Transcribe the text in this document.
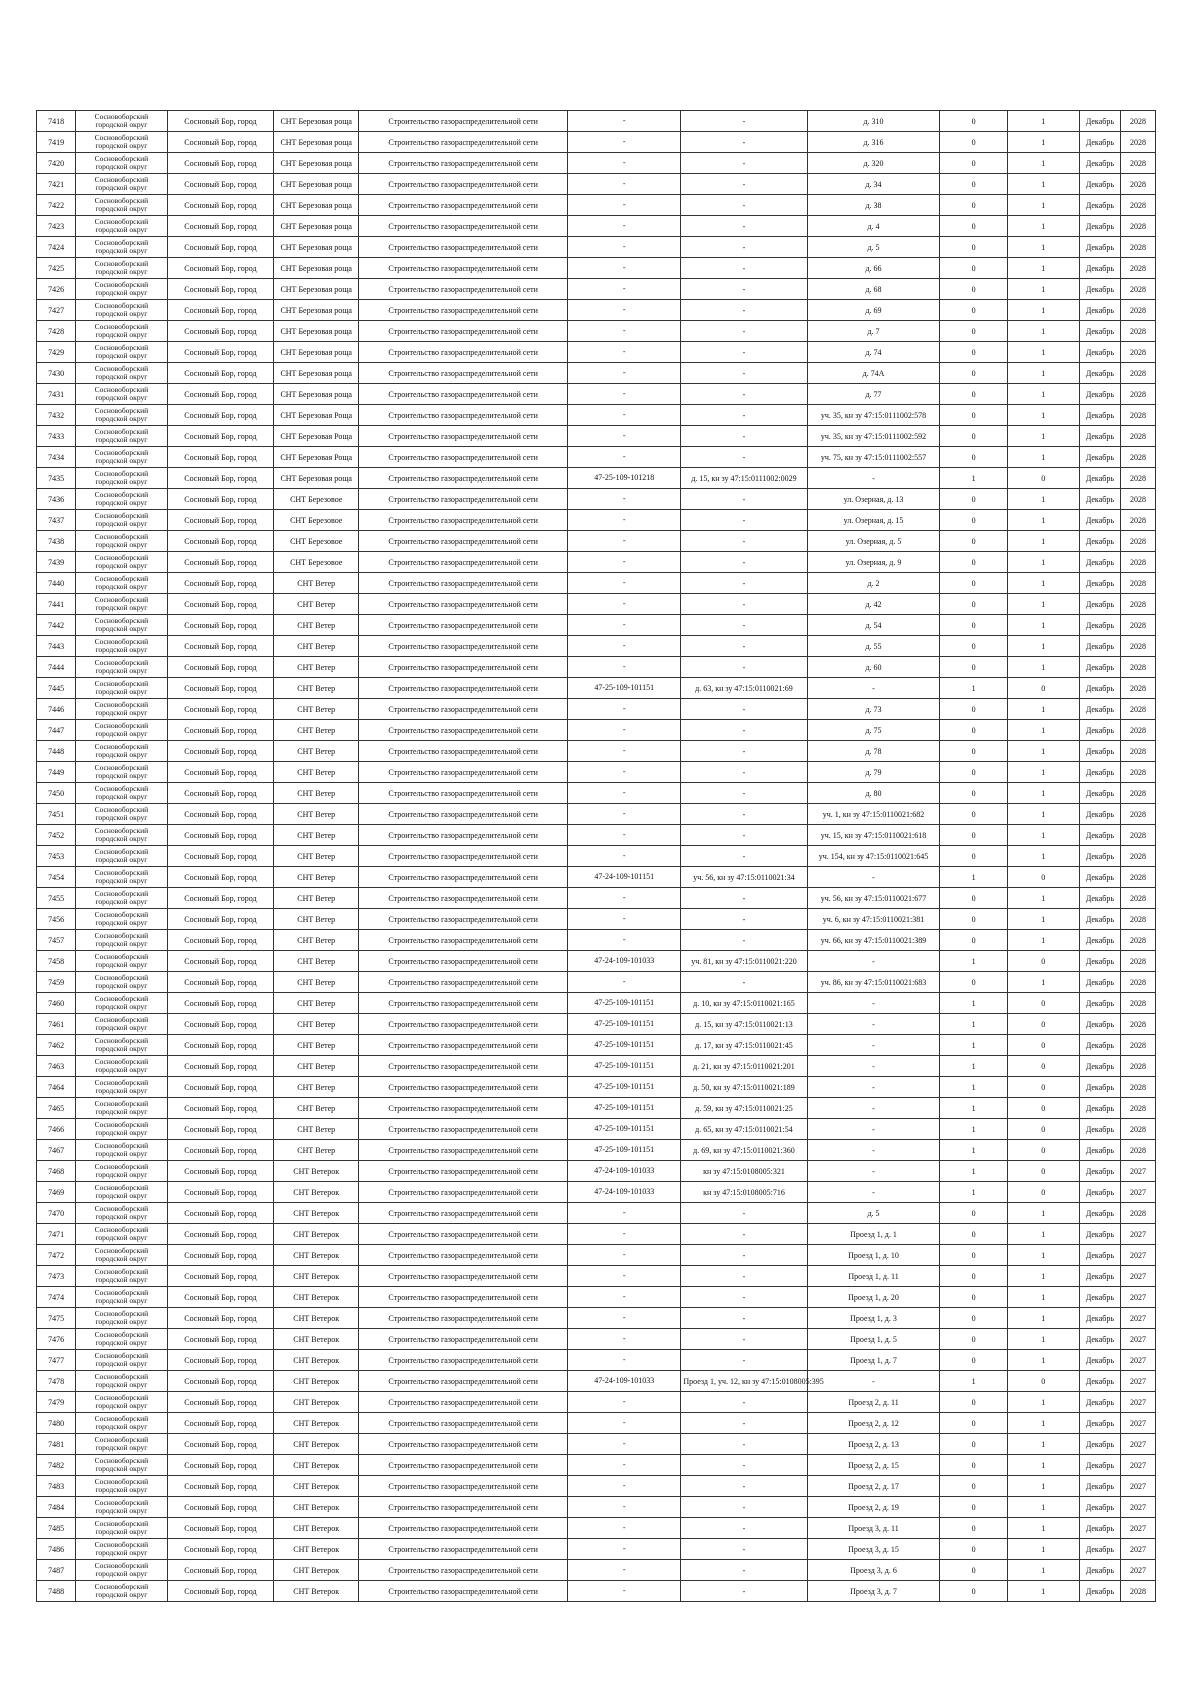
7418	Сосновоборский городской округ	Сосновый Бор, город	СНТ Березовая роща	Строительство газораспределительной сети	-	-	д. 310	0	1	Декабрь	2028
7419	Сосновоборский городской округ	Сосновый Бор, город	СНТ Березовая роща	Строительство газораспределительной сети	-	-	д. 316	0	1	Декабрь	2028
7420	Сосновоборский городской округ	Сосновый Бор, город	СНТ Березовая роща	Строительство газораспределительной сети	-	-	д. 320	0	1	Декабрь	2028
7421	Сосновоборский городской округ	Сосновый Бор, город	СНТ Березовая роща	Строительство газораспределительной сети	-	-	д. 34	0	1	Декабрь	2028
7422	Сосновоборский городской округ	Сосновый Бор, город	СНТ Березовая роща	Строительство газораспределительной сети	-	-	д. 38	0	1	Декабрь	2028
7423	Сосновоборский городской округ	Сосновый Бор, город	СНТ Березовая роща	Строительство газораспределительной сети	-	-	д. 4	0	1	Декабрь	2028
7424	Сосновоборский городской округ	Сосновый Бор, город	СНТ Березовая роща	Строительство газораспределительной сети	-	-	д. 5	0	1	Декабрь	2028
7425	Сосновоборский городской округ	Сосновый Бор, город	СНТ Березовая роща	Строительство газораспределительной сети	-	-	д. 66	0	1	Декабрь	2028
7426	Сосновоборский городской округ	Сосновый Бор, город	СНТ Березовая роща	Строительство газораспределительной сети	-	-	д. 68	0	1	Декабрь	2028
7427	Сосновоборский городской округ	Сосновый Бор, город	СНТ Березовая роща	Строительство газораспределительной сети	-	-	д. 69	0	1	Декабрь	2028
7428	Сосновоборский городской округ	Сосновый Бор, город	СНТ Березовая роща	Строительство газораспределительной сети	-	-	д. 7	0	1	Декабрь	2028
7429	Сосновоборский городской округ	Сосновый Бор, город	СНТ Березовая роща	Строительство газораспределительной сети	-	-	д. 74	0	1	Декабрь	2028
7430	Сосновоборский городской округ	Сосновый Бор, город	СНТ Березовая роща	Строительство газораспределительной сети	-	-	д. 74А	0	1	Декабрь	2028
7431	Сосновоборский городской округ	Сосновый Бор, город	СНТ Березовая роща	Строительство газораспределительной сети	-	-	д. 77	0	1	Декабрь	2028
7432	Сосновоборский городской округ	Сосновый Бор, город	СНТ Березовая Роща	Строительство газораспределительной сети	-	-	уч. 35, кн зу 47:15:0111002:578	0	1	Декабрь	2028
7433	Сосновоборский городской округ	Сосновый Бор, город	СНТ Березовая Роща	Строительство газораспределительной сети	-	-	уч. 35, кн зу 47:15:0111002:592	0	1	Декабрь	2028
7434	Сосновоборский городской округ	Сосновый Бор, город	СНТ Березовая Роща	Строительство газораспределительной сети	-	-	уч. 75, кн зу 47:15:0111002:557	0	1	Декабрь	2028
7435	Сосновоборский городской округ	Сосновый Бор, город	СНТ Березовая роща	Строительство газораспределительной сети	47-25-109-101218	д. 15, кн зу 47:15:0111002:0029	-	1	0	Декабрь	2028
7436	Сосновоборский городской округ	Сосновый Бор, город	СНТ Березовое	Строительство газораспределительной сети	-	-	ул. Озерная, д. 13	0	1	Декабрь	2028
7437	Сосновоборский городской округ	Сосновый Бор, город	СНТ Березовое	Строительство газораспределительной сети	-	-	ул. Озерная, д. 15	0	1	Декабрь	2028
7438	Сосновоборский городской округ	Сосновый Бор, город	СНТ Березовое	Строительство газораспределительной сети	-	-	ул. Озерная, д. 5	0	1	Декабрь	2028
7439	Сосновоборский городской округ	Сосновый Бор, город	СНТ Березовое	Строительство газораспределительной сети	-	-	ул. Озерная, д. 9	0	1	Декабрь	2028
7440	Сосновоборский городской округ	Сосновый Бор, город	СНТ Ветер	Строительство газораспределительной сети	-	-	д. 2	0	1	Декабрь	2028
7441	Сосновоборский городской округ	Сосновый Бор, город	СНТ Ветер	Строительство газораспределительной сети	-	-	д. 42	0	1	Декабрь	2028
7442	Сосновоборский городской округ	Сосновый Бор, город	СНТ Ветер	Строительство газораспределительной сети	-	-	д. 54	0	1	Декабрь	2028
7443	Сосновоборский городской округ	Сосновый Бор, город	СНТ Ветер	Строительство газораспределительной сети	-	-	д. 55	0	1	Декабрь	2028
7444	Сосновоборский городской округ	Сосновый Бор, город	СНТ Ветер	Строительство газораспределительной сети	-	-	д. 60	0	1	Декабрь	2028
7445	Сосновоборский городской округ	Сосновый Бор, город	СНТ Ветер	Строительство газораспределительной сети	47-25-109-101151	д. 63, кн зу 47:15:0110021:69	-	1	0	Декабрь	2028
7446	Сосновоборский городской округ	Сосновый Бор, город	СНТ Ветер	Строительство газораспределительной сети	-	-	д. 73	0	1	Декабрь	2028
7447	Сосновоборский городской округ	Сосновый Бор, город	СНТ Ветер	Строительство газораспределительной сети	-	-	д. 75	0	1	Декабрь	2028
7448	Сосновоборский городской округ	Сосновый Бор, город	СНТ Ветер	Строительство газораспределительной сети	-	-	д. 78	0	1	Декабрь	2028
7449	Сосновоборский городской округ	Сосновый Бор, город	СНТ Ветер	Строительство газораспределительной сети	-	-	д. 79	0	1	Декабрь	2028
7450	Сосновоборский городской округ	Сосновый Бор, город	СНТ Ветер	Строительство газораспределительной сети	-	-	д. 80	0	1	Декабрь	2028
7451	Сосновоборский городской округ	Сосновый Бор, город	СНТ Ветер	Строительство газораспределительной сети	-	-	уч. 1, кн зу 47:15:0110021:682	0	1	Декабрь	2028
7452	Сосновоборский городской округ	Сосновый Бор, город	СНТ Ветер	Строительство газораспределительной сети	-	-	уч. 15, кн зу 47:15:0110021:618	0	1	Декабрь	2028
7453	Сосновоборский городской округ	Сосновый Бор, город	СНТ Ветер	Строительство газораспределительной сети	-	-	уч. 154, кн зу 47:15:0110021:645	0	1	Декабрь	2028
7454	Сосновоборский городской округ	Сосновый Бор, город	СНТ Ветер	Строительство газораспределительной сети	47-24-109-101151	уч. 56, кн зу 47:15:0110021:34	-	1	0	Декабрь	2028
7455	Сосновоборский городской округ	Сосновый Бор, город	СНТ Ветер	Строительство газораспределительной сети	-	-	уч. 56, кн зу 47:15:0110021:677	0	1	Декабрь	2028
7456	Сосновоборский городской округ	Сосновый Бор, город	СНТ Ветер	Строительство газораспределительной сети	-	-	уч. 6, кн зу 47:15:0110021:381	0	1	Декабрь	2028
7457	Сосновоборский городской округ	Сосновый Бор, город	СНТ Ветер	Строительство газораспределительной сети	-	-	уч. 66, кн зу 47:15:0110021:389	0	1	Декабрь	2028
7458	Сосновоборский городской округ	Сосновый Бор, город	СНТ Ветер	Строительство газораспределительной сети	47-24-109-101033	уч. 81, кн зу 47:15:0110021:220	-	1	0	Декабрь	2028
7459	Сосновоборский городской округ	Сосновый Бор, город	СНТ Ветер	Строительство газораспределительной сети	-	-	уч. 86, кн зу 47:15:0110021:683	0	1	Декабрь	2028
7460	Сосновоборский городской округ	Сосновый Бор, город	СНТ Ветер	Строительство газораспределительной сети	47-25-109-101151	д. 10, кн зу 47:15:0110021:165	-	1	0	Декабрь	2028
7461	Сосновоборский городской округ	Сосновый Бор, город	СНТ Ветер	Строительство газораспределительной сети	47-25-109-101151	д. 15, кн зу 47:15:0110021:13	-	1	0	Декабрь	2028
7462	Сосновоборский городской округ	Сосновый Бор, город	СНТ Ветер	Строительство газораспределительной сети	47-25-109-101151	д. 17, кн зу 47:15:0110021:45	-	1	0	Декабрь	2028
7463	Сосновоборский городской округ	Сосновый Бор, город	СНТ Ветер	Строительство газораспределительной сети	47-25-109-101151	д. 21, кн зу 47:15:0110021:201	-	1	0	Декабрь	2028
7464	Сосновоборский городской округ	Сосновый Бор, город	СНТ Ветер	Строительство газораспределительной сети	47-25-109-101151	д. 50, кн зу 47:15:0110021:189	-	1	0	Декабрь	2028
7465	Сосновоборский городской округ	Сосновый Бор, город	СНТ Ветер	Строительство газораспределительной сети	47-25-109-101151	д. 59, кн зу 47:15:0110021:25	-	1	0	Декабрь	2028
7466	Сосновоборский городской округ	Сосновый Бор, город	СНТ Ветер	Строительство газораспределительной сети	47-25-109-101151	д. 65, кн зу 47:15:0110021:54	-	1	0	Декабрь	2028
7467	Сосновоборский городской округ	Сосновый Бор, город	СНТ Ветер	Строительство газораспределительной сети	47-25-109-101151	д. 69, кн зу 47:15:0110021:360	-	1	0	Декабрь	2028
7468	Сосновоборский городской округ	Сосновый Бор, город	СНТ Ветерок	Строительство газораспределительной сети	47-24-109-101033	кн зу 47:15:0108005:321	-	1	0	Декабрь	2027
7469	Сосновоборский городской округ	Сосновый Бор, город	СНТ Ветерок	Строительство газораспределительной сети	47-24-109-101033	кн зу 47:15:0108005:716	-	1	0	Декабрь	2027
7470	Сосновоборский городской округ	Сосновый Бор, город	СНТ Ветерок	Строительство газораспределительной сети	-	-	д. 5	0	1	Декабрь	2028
7471	Сосновоборский городской округ	Сосновый Бор, город	СНТ Ветерок	Строительство газораспределительной сети	-	-	Проезд 1, д. 1	0	1	Декабрь	2027
7472	Сосновоборский городской округ	Сосновый Бор, город	СНТ Ветерок	Строительство газораспределительной сети	-	-	Проезд 1, д. 10	0	1	Декабрь	2027
7473	Сосновоборский городской округ	Сосновый Бор, город	СНТ Ветерок	Строительство газораспределительной сети	-	-	Проезд 1, д. 11	0	1	Декабрь	2027
7474	Сосновоборский городской округ	Сосновый Бор, город	СНТ Ветерок	Строительство газораспределительной сети	-	-	Проезд 1, д. 20	0	1	Декабрь	2027
7475	Сосновоборский городской округ	Сосновый Бор, город	СНТ Ветерок	Строительство газораспределительной сети	-	-	Проезд 1, д. 3	0	1	Декабрь	2027
7476	Сосновоборский городской округ	Сосновый Бор, город	СНТ Ветерок	Строительство газораспределительной сети	-	-	Проезд 1, д. 5	0	1	Декабрь	2027
7477	Сосновоборский городской округ	Сосновый Бор, город	СНТ Ветерок	Строительство газораспределительной сети	-	-	Проезд 1, д. 7	0	1	Декабрь	2027
7478	Сосновоборский городской округ	Сосновый Бор, город	СНТ Ветерок	Строительство газораспределительной сети	47-24-109-101033	Проезд 1, уч. 12, кн зу 47:15:0108005:395	-	1	0	Декабрь	2027
7479	Сосновоборский городской округ	Сосновый Бор, город	СНТ Ветерок	Строительство газораспределительной сети	-	-	Проезд 2, д. 11	0	1	Декабрь	2027
7480	Сосновоборский городской округ	Сосновый Бор, город	СНТ Ветерок	Строительство газораспределительной сети	-	-	Проезд 2, д. 12	0	1	Декабрь	2027
7481	Сосновоборский городской округ	Сосновый Бор, город	СНТ Ветерок	Строительство газораспределительной сети	-	-	Проезд 2, д. 13	0	1	Декабрь	2027
7482	Сосновоборский городской округ	Сосновый Бор, город	СНТ Ветерок	Строительство газораспределительной сети	-	-	Проезд 2, д. 15	0	1	Декабрь	2027
7483	Сосновоборский городской округ	Сосновый Бор, город	СНТ Ветерок	Строительство газораспределительной сети	-	-	Проезд 2, д. 17	0	1	Декабрь	2027
7484	Сосновоборский городской округ	Сосновый Бор, город	СНТ Ветерок	Строительство газораспределительной сети	-	-	Проезд 2, д. 19	0	1	Декабрь	2027
7485	Сосновоборский городской округ	Сосновый Бор, город	СНТ Ветерок	Строительство газораспределительной сети	-	-	Проезд 3, д. 11	0	1	Декабрь	2027
7486	Сосновоборский городской округ	Сосновый Бор, город	СНТ Ветерок	Строительство газораспределительной сети	-	-	Проезд 3, д. 15	0	1	Декабрь	2027
7487	Сосновоборский городской округ	Сосновый Бор, город	СНТ Ветерок	Строительство газораспределительной сети	-	-	Проезд 3, д. 6	0	1	Декабрь	2027
7488	Сосновоборский городской округ	Сосновый Бор, город	СНТ Ветерок	Строительство газораспределительной сети	-	-	Проезд 3, д. 7	0	1	Декабрь	2028
